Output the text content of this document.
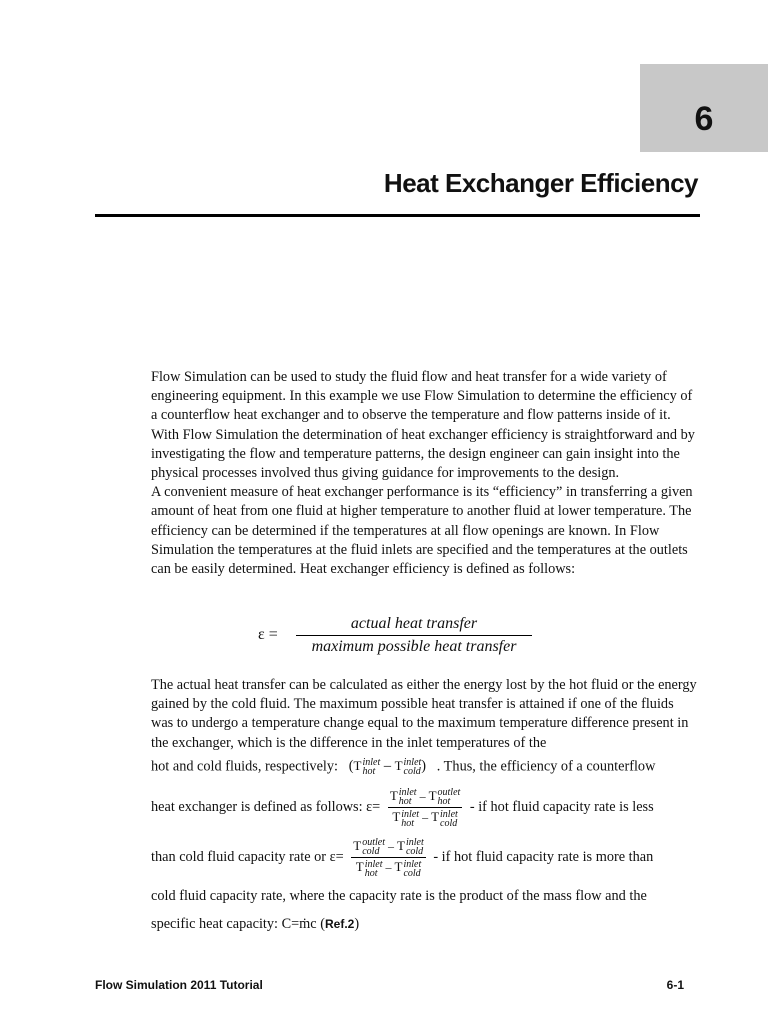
6
Heat Exchanger Efficiency
Flow Simulation can be used to study the fluid flow and heat transfer for a wide variety of engineering equipment. In this example we use Flow Simulation to determine the efficiency of a counterflow heat exchanger and to observe the temperature and flow patterns inside of it. With Flow Simulation the determination of heat exchanger efficiency is straightforward and by investigating the flow and temperature patterns, the design engineer can gain insight into the physical processes involved thus giving guidance for improvements to the design.
A convenient measure of heat exchanger performance is its “efficiency” in transferring a given amount of heat from one fluid at higher temperature to another fluid at lower temperature. The efficiency can be determined if the temperatures at all flow openings are known. In Flow Simulation the temperatures at the fluid inlets are specified and the temperatures at the outlets can be easily determined. Heat exchanger efficiency is defined as follows:
ε =
actual heat transfer
maximum possible heat transfer
The actual heat transfer can be calculated as either the energy lost by the hot fluid or the energy gained by the cold fluid. The maximum possible heat transfer is attained if one of the fluids was to undergo a temperature change equal to the maximum temperature difference present in the exchanger, which is the difference in the inlet temperatures of the
hot and cold fluids, respectively: (T inlet
hot – T inlet
cold ) . Thus, the efficiency of a counterflow
heat exchanger is defined as follows: ε=
T inlet
hot – T outlet
hot
T inlet
hot – T inlet
cold
- if hot fluid capacity rate is less
than cold fluid capacity rate or ε=
T outlet
cold – T inlet
cold
T inlet
hot – T inlet
cold
- if hot fluid capacity rate is more than
cold fluid capacity rate, where the capacity rate is the product of the mass flow and the
specific heat capacity: C=ṁc (Ref.2)
Flow Simulation 2011 Tutorial	6-1
